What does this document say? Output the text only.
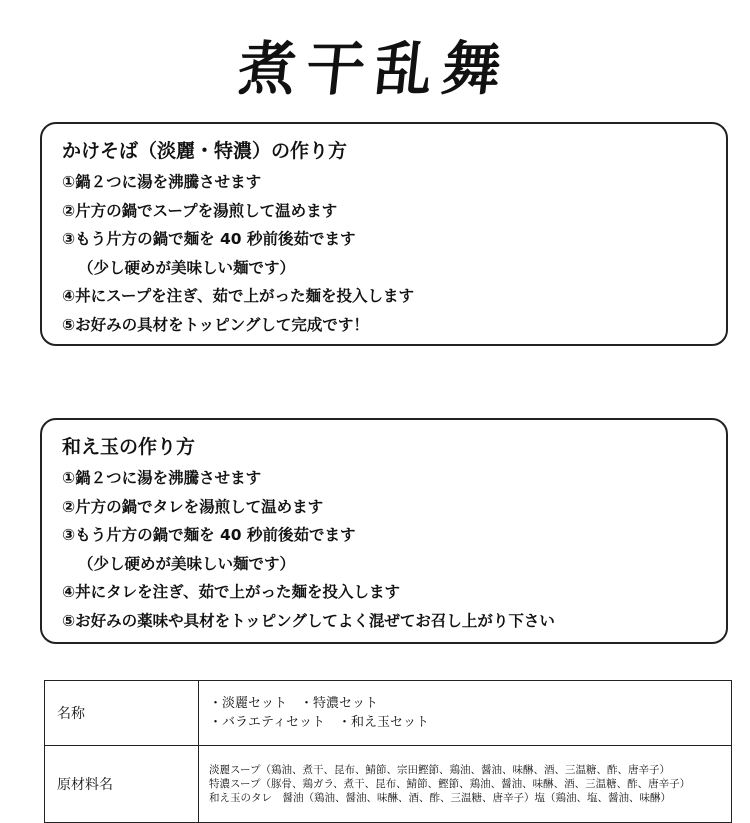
煮干乱舞
かけそば（淡麗・特濃）の作り方
①鍋２つに湯を沸騰させます
②片方の鍋でスープを湯煎して温めます
③もう片方の鍋で麺を 40 秒前後茹でます
（少し硬めが美味しい麺です）
④丼にスープを注ぎ、茹で上がった麺を投入します
⑤お好みの具材をトッピングして完成です！
和え玉の作り方
①鍋２つに湯を沸騰させます
②片方の鍋でタレを湯煎して温めます
③もう片方の鍋で麺を 40 秒前後茹でます
（少し硬めが美味しい麺です）
④丼にタレを注ぎ、茹で上がった麺を投入します
⑤お好みの薬味や具材をトッピングしてよく混ぜてお召し上がり下さい
名称	・淡麗セット　・特濃セット
・バラエティセット　・和え玉セット

原材料名	淡麗スープ（鶏油、煮干、昆布、鯖節、宗田鰹節、鶏油、醤油、味醂、酒、三温糖、酢、唐辛子）
特濃スープ（豚骨、鶏ガラ、煮干、昆布、鯖節、鰹節、鶏油、醤油、味醂、酒、三温糖、酢、唐辛子）
和え玉のタレ　醤油（鶏油、醤油、味醂、酒、酢、三温糖、唐辛子）塩（鶏油、塩、醤油、味醂）
